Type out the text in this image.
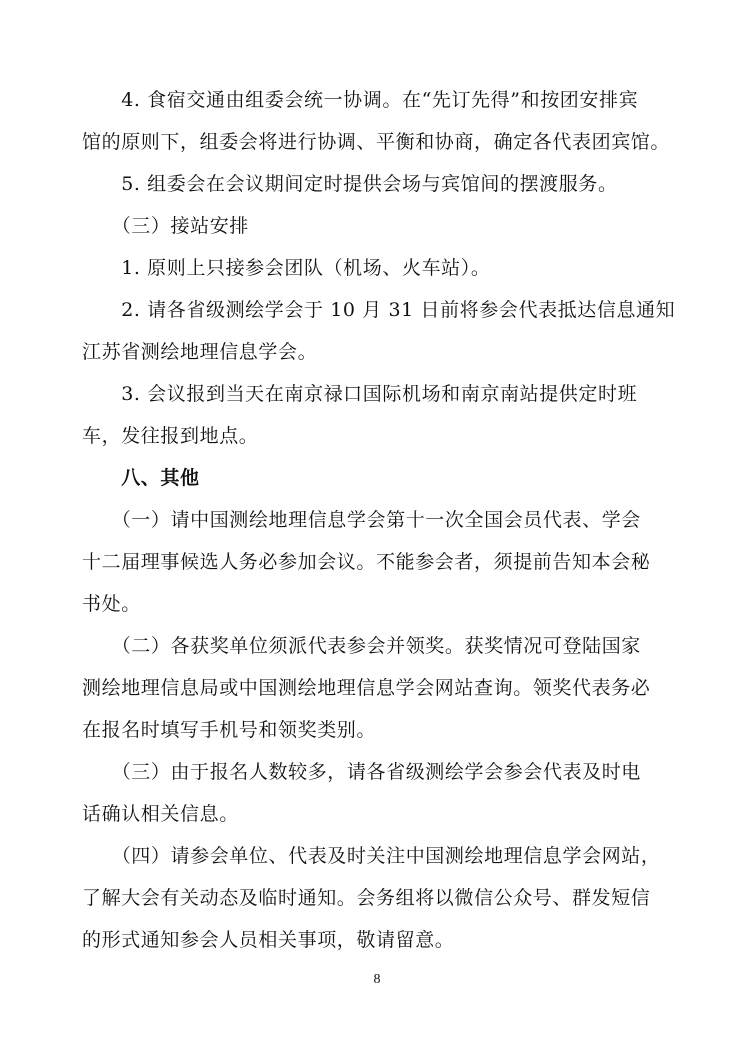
　　4. 食宿交通由组委会统一协调。在“先订先得”和按团安排宾
馆的原则下，组委会将进行协调、平衡和协商，确定各代表团宾馆。
　　5. 组委会在会议期间定时提供会场与宾馆间的摆渡服务。
　　（三）接站安排
　　1. 原则上只接参会团队（机场、火车站）。
　　2. 请各省级测绘学会于 10 月 31 日前将参会代表抵达信息通知
江苏省测绘地理信息学会。
　　3. 会议报到当天在南京禄口国际机场和南京南站提供定时班
车，发往报到地点。
　　八、其他
　　（一）请中国测绘地理信息学会第十一次全国会员代表、学会
十二届理事候选人务必参加会议。不能参会者，须提前告知本会秘
书处。
　　（二）各获奖单位须派代表参会并领奖。获奖情况可登陆国家
测绘地理信息局或中国测绘地理信息学会网站查询。领奖代表务必
在报名时填写手机号和领奖类别。
　　（三）由于报名人数较多，请各省级测绘学会参会代表及时电
话确认相关信息。
　　（四）请参会单位、代表及时关注中国测绘地理信息学会网站，
了解大会有关动态及临时通知。会务组将以微信公众号、群发短信
的形式通知参会人员相关事项，敬请留意。
8
